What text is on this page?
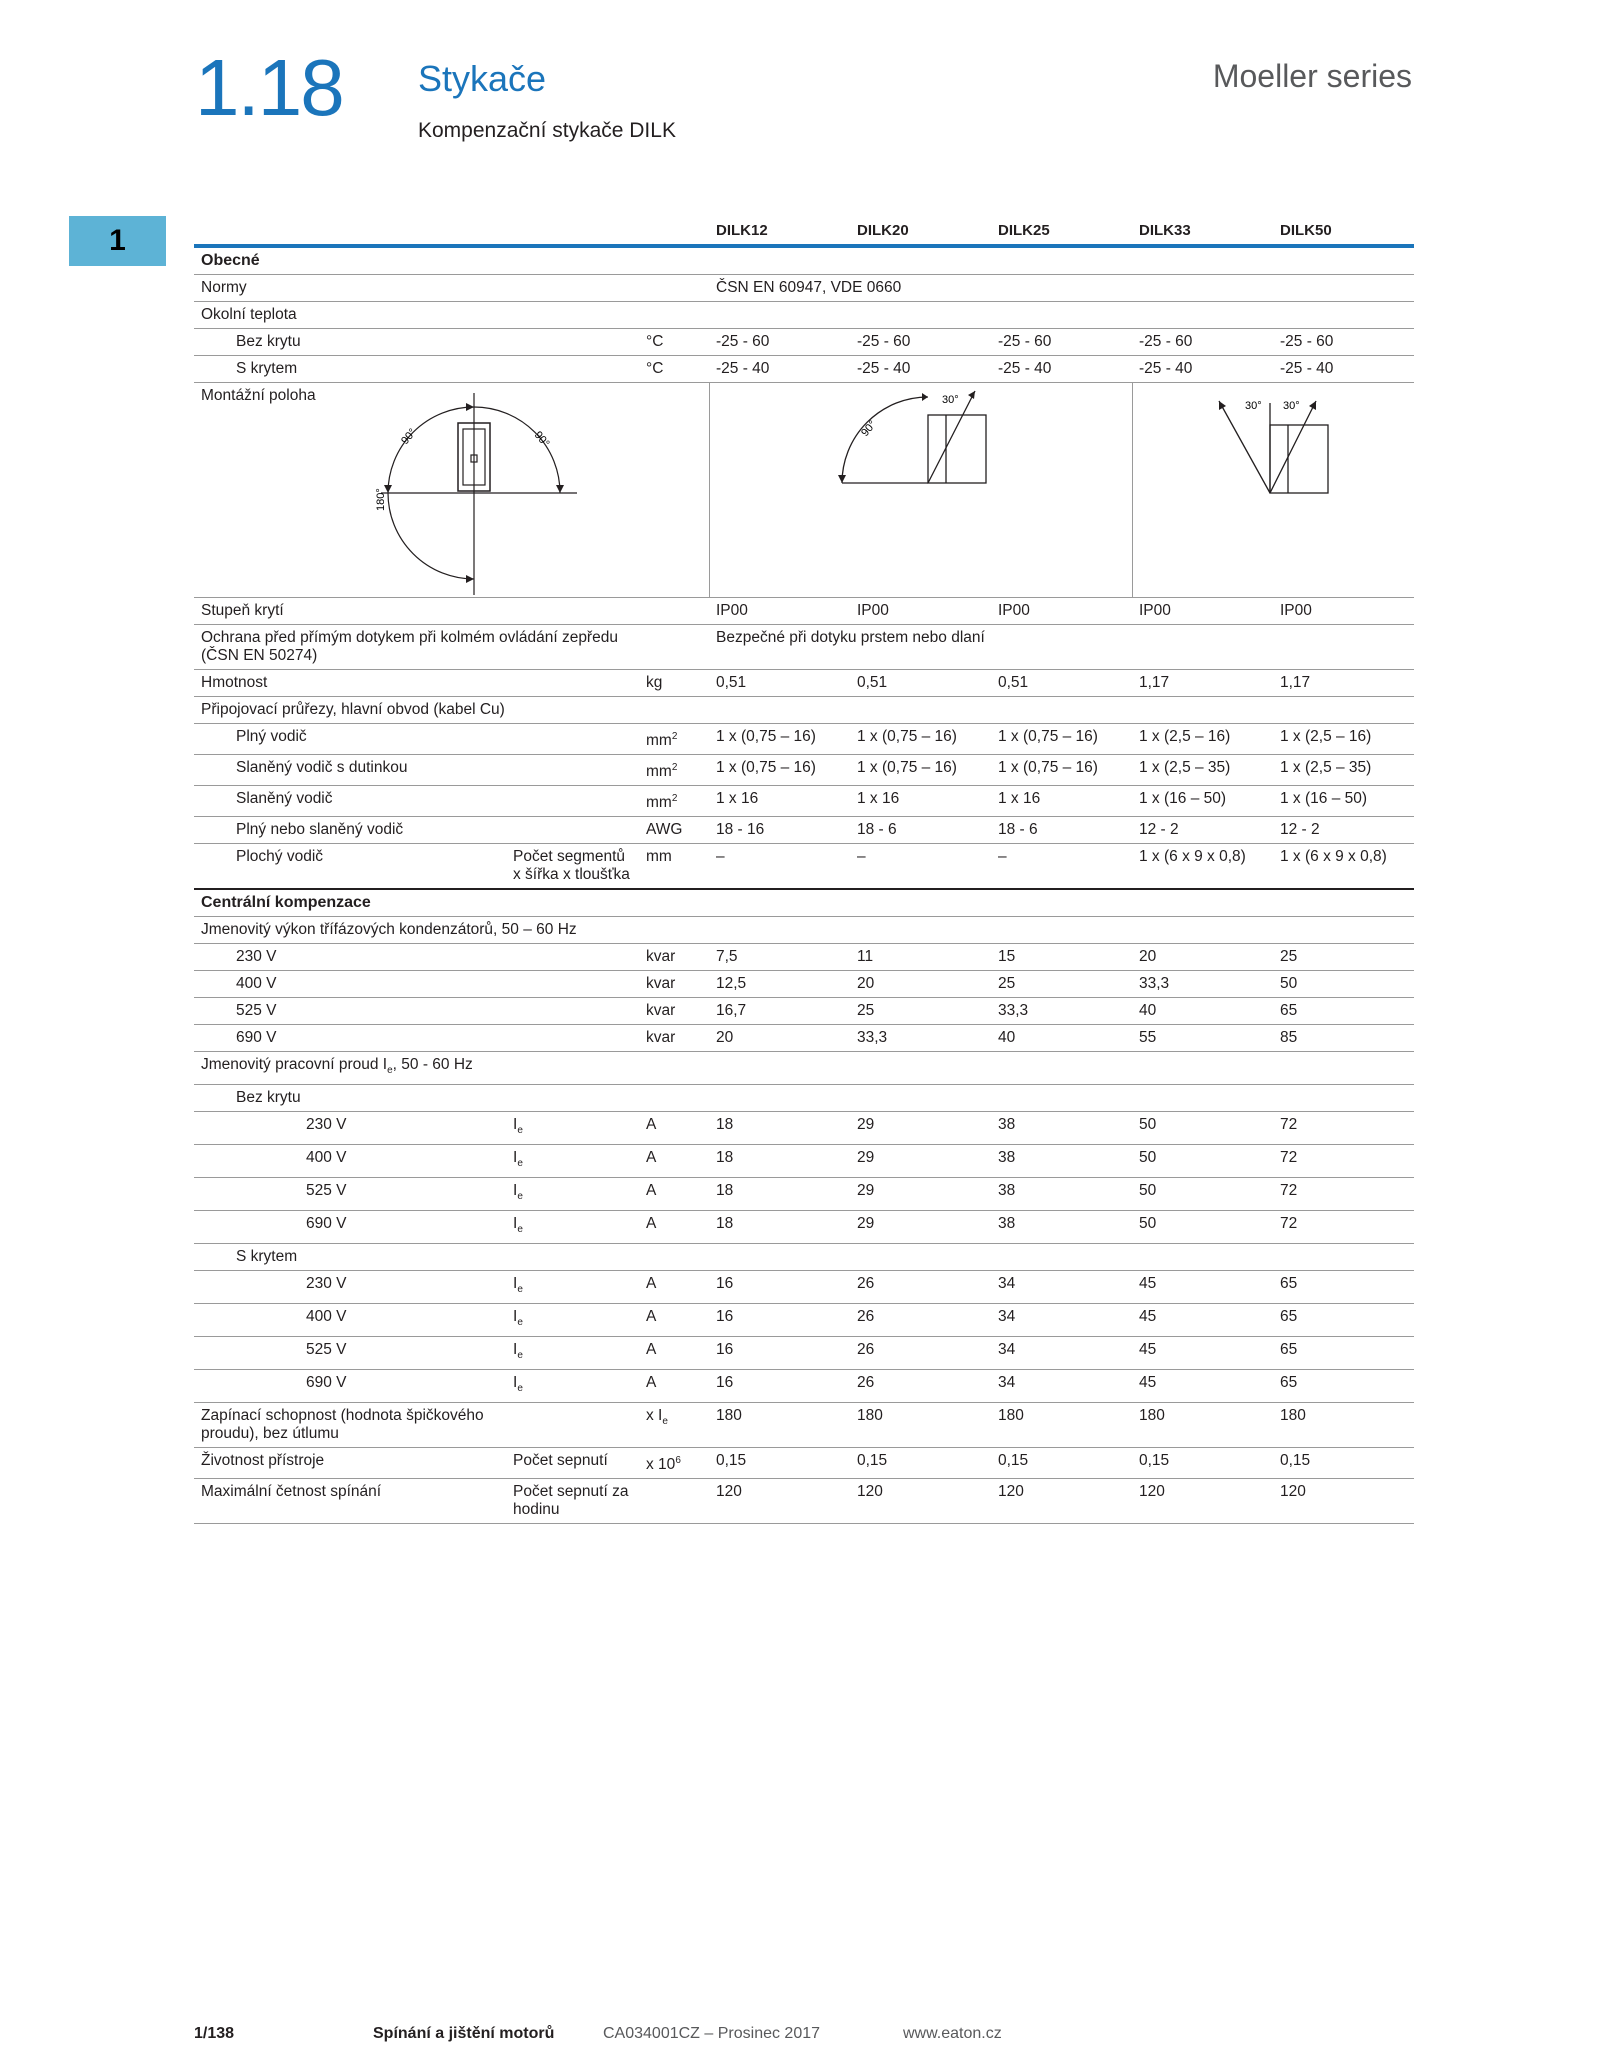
1.18 Stykače
Kompenzační stykače DILK
Moeller series
1
				DILK12	DILK20	DILK25	DILK33	DILK50
Obecné							
Normy			ČSN EN 60947, VDE 0660				
Okolní teplota							
Bez krytu		°C	-25 - 60	-25 - 60	-25 - 60	-25 - 60	-25 - 60
S krytem		°C	-25 - 40	-25 - 40	-25 - 40	-25 - 40	-25 - 40

Montážní poloha
90° 90°
180°			90°
30°			30° 30°	

Stupeň krytí			IP00	IP00	IP00	IP00	IP00
Ochrana před přímým dotykem při kolmém ovládání zepředu (ČSN EN 50274)			Bezpečné při dotyku prstem nebo dlaní				
Hmotnost		kg	0,51	0,51	0,51	1,17	1,17
Připojovací průřezy, hlavní obvod (kabel Cu)							
Plný vodič		$mm^2$	1 x (0,75 – 16)	1 x (0,75 – 16)	1 x (0,75 – 16)	1 x (2,5 – 16)	1 x (2,5 – 16)
Slaněný vodič s dutinkou		$mm^2$	1 x (0,75 – 16)	1 x (0,75 – 16)	1 x (0,75 – 16)	1 x (2,5 – 35)	1 x (2,5 – 35)
Slaněný vodič		$mm^2$	1 x 16	1 x 16	1 x 16	1 x (16 – 50)	1 x (16 – 50)
Plný nebo slaněný vodič		AWG	18 - 16	18 - 6	18 - 6	12 - 2	12 - 2
Plochý vodič	Počet segmentů x šířka x tloušťka	mm	–	–	–	1 x (6 x 9 x 0,8)	1 x (6 x 9 x 0,8)
Centrální kompenzace							
Jmenovitý výkon třífázových kondenzátorů, 50 – 60 Hz							
230 V		kvar	7,5	11	15	20	25
400 V		kvar	12,5	20	25	33,3	50
525 V		kvar	16,7	25	33,3	40	65
690 V		kvar	20	33,3	40	55	85
Jmenovitý pracovní proud $I_e$, 50 - 60 Hz							
Bez krytu							
230 V	$I_e$	A	18	29	38	50	72
400 V	$I_e$	A	18	29	38	50	72
525 V	$I_e$	A	18	29	38	50	72
690 V	$I_e$	A	18	29	38	50	72
S krytem							
230 V	$I_e$	A	16	26	34	45	65
400 V	$I_e$	A	16	26	34	45	65
525 V	$I_e$	A	16	26	34	45	65
690 V	$I_e$	A	16	26	34	45	65
Zapínací schopnost (hodnota špičkového proudu), bez útlumu		x $I_e$	180	180	180	180	180
Životnost přístroje	Počet sepnutí	x $10^6$	0,15	0,15	0,15	0,15	0,15
Maximální četnost spínání	Počet sepnutí za hodinu		120	120	120	120	120
1/138	Spínání a jištění motorů	CA034001CZ – Prosinec 2017	www.eaton.cz
